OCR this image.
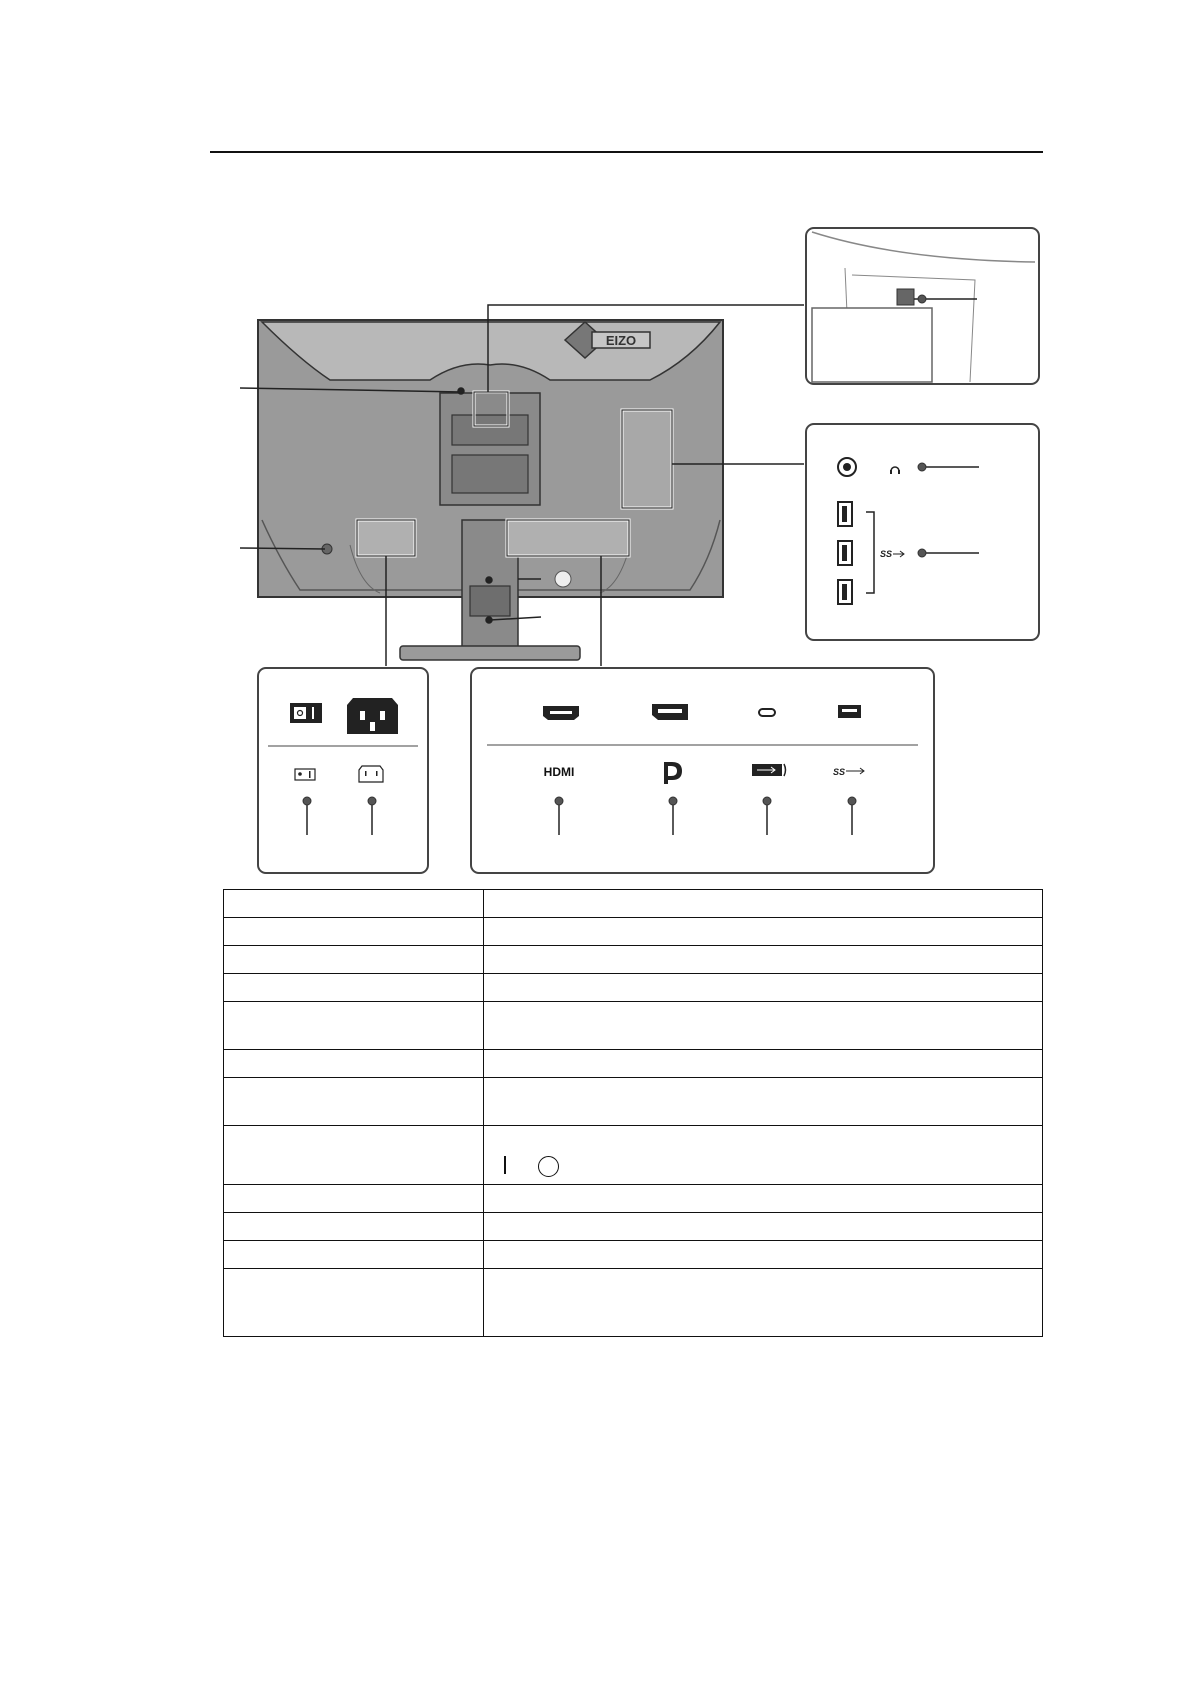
EIZO
SS
HDMI	SS
